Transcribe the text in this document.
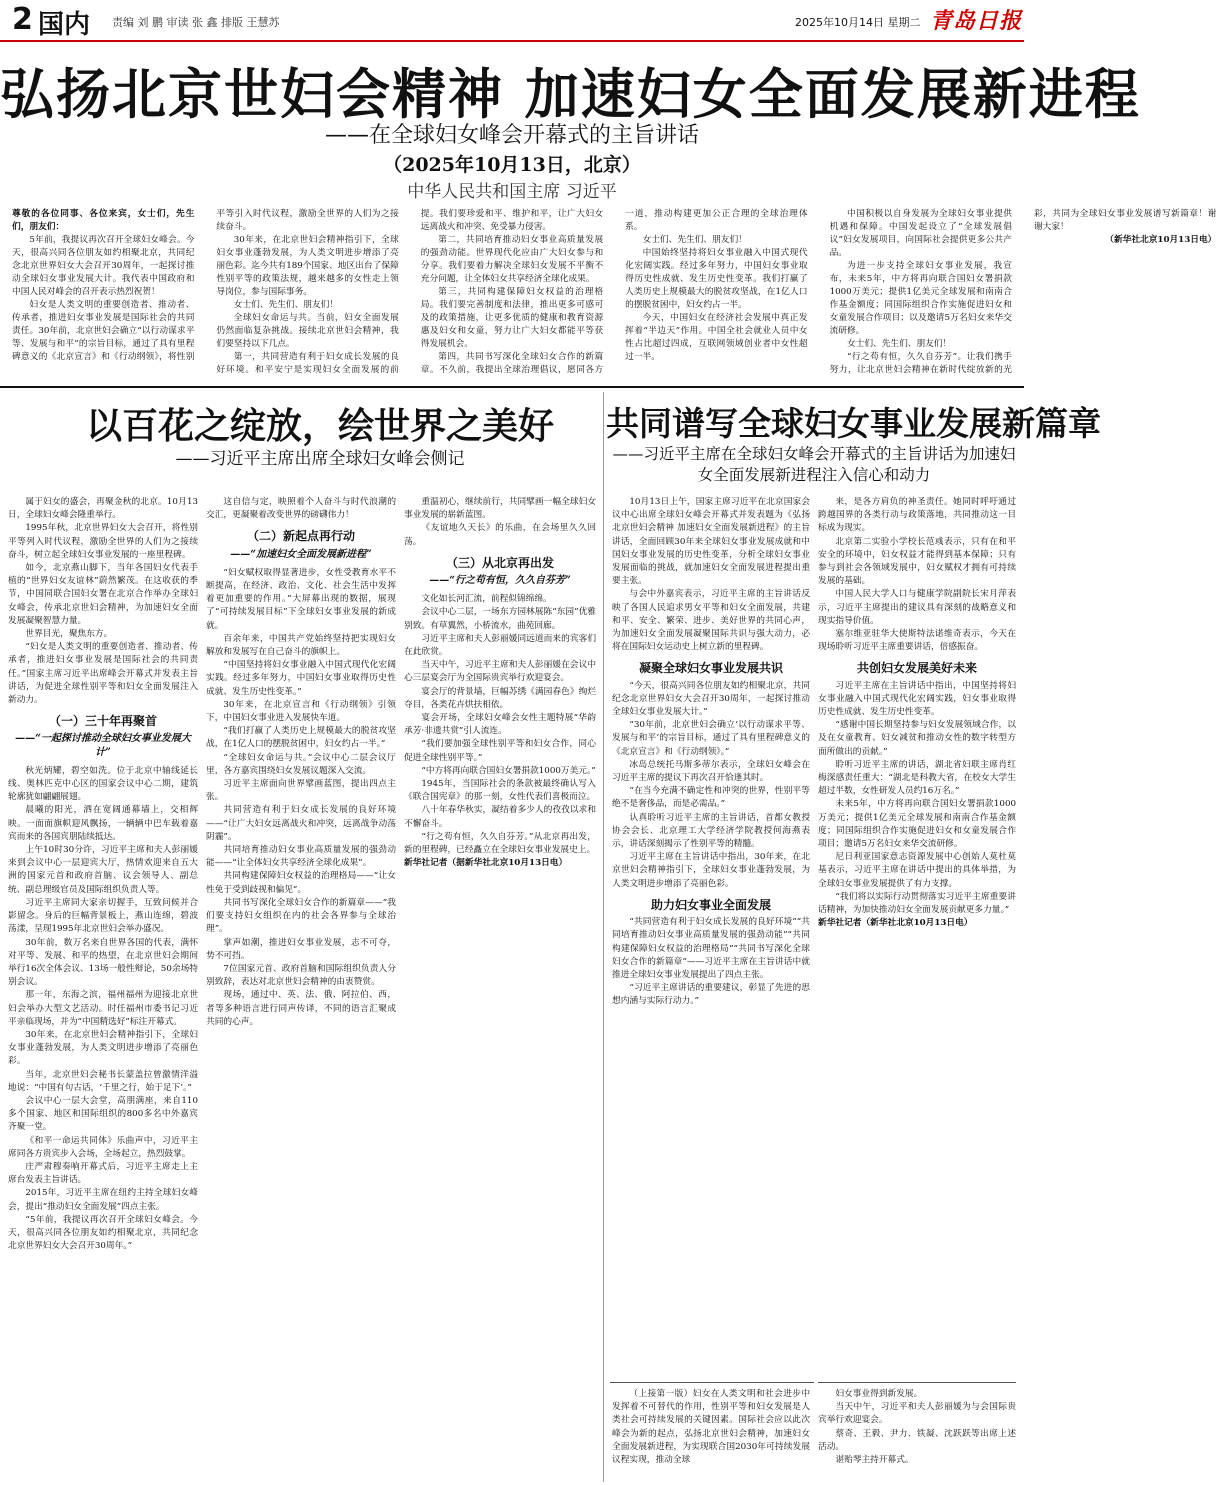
2 国内 责编 刘 鹏 审读 张 鑫 排版 王慧苏	2025年10月14日 星期二 青岛日报
弘扬北京世妇会精神 加速妇女全面发展新进程
——在全球妇女峰会开幕式的主旨讲话
（2025年10月13日，北京）
中华人民共和国主席 习近平

尊敬的各位同事、各位来宾，女士们，先生们，朋友们：

5年前，我提议再次召开全球妇女峰会。今天，很高兴同各位朋友如约相聚北京，共同纪念北京世界妇女大会召开30周年，一起探讨推动全球妇女事业发展大计。我代表中国政府和中国人民对峰会的召开表示热烈祝贺！

妇女是人类文明的重要创造者、推动者、传承者，推进妇女事业发展是国际社会的共同责任。30年前，北京世妇会确立“以行动谋求平等、发展与和平”的宗旨目标，通过了具有里程碑意义的《北京宣言》和《行动纲领》，将性别平等引入时代议程，激励全世界的人们为之接续奋斗。

30年来，在北京世妇会精神指引下，全球妇女事业蓬勃发展，为人类文明进步增添了亮丽色彩。迄今共有189个国家、地区出台了保障性别平等的政策法规，越来越多的女性走上领导岗位，参与国际事务。

女士们、先生们、朋友们！

全球妇女命运与共。当前，妇女全面发展仍然面临复杂挑战。接续北京世妇会精神，我们要坚持以下几点。

第一，共同营造有利于妇女成长发展的良好环境。和平安宁是实现妇女全面发展的前提。我们要珍爱和平、维护和平，让广大妇女远离战火和冲突、免受暴力侵害。

第二，共同培育推动妇女事业高质量发展的强劲动能。世界现代化应由广大妇女参与和分享。我们要着力解决全球妇女发展不平衡不充分问题，让全体妇女共享经济全球化成果。

第三，共同构建保障妇女权益的治理格局。我们要完善制度和法律，推出更多可感可及的政策措施，让更多优质的健康和教育资源惠及妇女和女童，努力让广大妇女都能平等获得发展机会。

第四，共同书写深化全球妇女合作的新篇章。不久前，我提出全球治理倡议，愿同各方一道，推动构建更加公正合理的全球治理体系。

女士们、先生们、朋友们！

中国始终坚持将妇女事业融入中国式现代化宏阔实践。经过多年努力，中国妇女事业取得历史性成就、发生历史性变革。我们打赢了人类历史上规模最大的脱贫攻坚战，在1亿人口的摆脱贫困中，妇女约占一半。

今天，中国妇女在经济社会发展中真正发挥着“半边天”作用。中国全社会就业人员中女性占比超过四成，互联网领域创业者中女性超过一半。

中国积极以自身发展为全球妇女事业提供机遇和保障。中国发起设立了“全球发展倡议”妇女发展项目，向国际社会提供更多公共产品。

为进一步支持全球妇女事业发展，我宣布，未来5年，中方将再向联合国妇女署捐款1000万美元；提供1亿美元全球发展和南南合作基金额度；同国际组织合作实施促进妇女和女童发展合作项目；以及邀请5万名妇女来华交流研修。

女士们、先生们、朋友们！

“行之苟有恒，久久自芬芳”。让我们携手努力，让北京世妇会精神在新时代绽放新的光彩，共同为全球妇女事业发展谱写新篇章！谢谢大家！

（新华社北京10月13日电）

以百花之绽放，绘世界之美好
——习近平主席出席全球妇女峰会侧记
共同谱写全球妇女事业发展新篇章
——习近平主席在全球妇女峰会开幕式的主旨讲话为加速妇女全面发展新进程注入信心和动力

属于妇女的盛会，再聚金秋的北京。10月13日，全球妇女峰会隆重举行。

1995年秋，北京世界妇女大会召开，将性别平等列入时代议程，激励全世界的人们为之接续奋斗，树立起全球妇女事业发展的一座里程碑。

如今，北京燕山脚下，当年各国妇女代表手植的“世界妇女友谊林”蔚然繁茂。在这收获的季节，中国同联合国妇女署在北京合作举办全球妇女峰会，传承北京世妇会精神，为加速妇女全面发展凝聚智慧力量。

世界目光，聚焦东方。

“妇女是人类文明的重要创造者、推动者、传承者，推进妇女事业发展是国际社会的共同责任。”国家主席习近平出席峰会开幕式并发表主旨讲话，为促进全球性别平等和妇女全面发展注入新动力。

（一）三十年再聚首

——“一起探讨推动全球妇女事业发展大计”

秋光炳耀，碧空如洗。位于北京中轴线延长线、奥林匹克中心区的国家会议中心二期，建筑轮廓犹如翩翩展翅。

晨曦的阳光，洒在宽阔通幕墙上，交相辉映。一面面旗帜迎风飘扬，一辆辆中巴车载着嘉宾而来的各国宾朋陆续抵达。

上午10时30分许，习近平主席和夫人彭丽媛来到会议中心一层迎宾大厅，热情欢迎来自五大洲的国家元首和政府首脑、议会领导人、副总统、副总理级官员及国际组织负责人等。

习近平主席同大家亲切握手，互致问候并合影留念。身后的巨幅背景板上，燕山连绵，碧波荡漾，呈现1995年北京世妇会举办盛况。

30年前，数万名来自世界各国的代表，满怀对平等、发展、和平的热望，在北京世妇会期间举行16次全体会议、13场一般性辩论，50余场特别会议。

那一年，东海之滨，福州福州为迎接北京世妇会举办大型文艺活动。时任福州市委书记习近平亲临现场，并为“中国精选好”标注开幕式。

30年来，在北京世妇会精神指引下，全球妇女事业蓬勃发展，为人类文明进步增添了亮丽色彩。

当年，北京世妇会秘书长蒙盖拉曾激情洋溢地说：“中国有句古话，‘千里之行，始于足下’。”

会议中心一层大会堂，高朋满座，来自110多个国家、地区和国际组织的800多名中外嘉宾齐聚一堂。

《和平一命运共同体》乐曲声中，习近平主席同各方贵宾步入会场，全场起立，热烈鼓掌。

庄严肃穆奏响开幕式后，习近平主席走上主席台发表主旨讲话。

2015年，习近平主席在纽约主持全球妇女峰会，提出“推动妇女全面发展”四点主张。

“5年前，我提议再次召开全球妇女峰会。今天，很高兴同各位朋友如约相聚北京，共同纪念北京世界妇女大会召开30周年。”

这自信与定，映照着个人奋斗与时代浪潮的交汇，更凝聚着改变世界的磅礴伟力！

（二）新起点再行动

——“加速妇女全面发展新进程”

“妇女赋权取得显著进步，女性受教育水平不断提高，在经济、政治、文化、社会生活中发挥着更加重要的作用。”大屏幕出现的数据，展现了“可持续发展目标”下全球妇女事业发展的新成就。

百余年来，中国共产党始终坚持把实现妇女解放和发展写在自己奋斗的旗帜上。

“中国坚持将妇女事业融入中国式现代化宏阔实践。经过多年努力，中国妇女事业取得历史性成就、发生历史性变革。”

30年来，在北京宣言和《行动纲领》引领下，中国妇女事业进入发展快车道。

“我们打赢了人类历史上规模最大的脱贫攻坚战，在1亿人口的摆脱贫困中，妇女约占一半。”

“全球妇女命运与共。”会议中心二层会议厅里，各方嘉宾围绕妇女发展议题深入交流。

习近平主席面向世界擘画蓝图，提出四点主张。

共同营造有利于妇女成长发展的良好环境——“让广大妇女远离战火和冲突，远离战争动荡阴霾”。

共同培育推动妇女事业高质量发展的强劲动能——“让全体妇女共享经济全球化成果”。

共同构建保障妇女权益的治理格局——“让女性免于受到歧视和偏见”。

共同书写深化全球妇女合作的新篇章——“我们要支持妇女组织在内的社会各界参与全球治理”。

掌声如潮，推进妇女事业发展，志不可夺，势不可挡。

7位国家元首、政府首脑和国际组织负责人分别致辞，表达对北京世妇会精神的由衷赞赏。

现场，通过中、英、法、俄、阿拉伯、西，者等多种语言进行同声传译，不同的语言汇聚成共同的心声。

重温初心，继续前行，共同擘画一幅全球妇女事业发展的崭新蓝图。

《友谊地久天长》的乐曲，在会场里久久回荡。

（三）从北京再出发

——“行之苟有恒，久久自芬芳”

文化如长河汇流，前程似锦绵绵。

会议中心二层，一场东方园林展陈“东园”优雅别致。有草翼然，小桥流水，曲苑回廊。

习近平主席和夫人彭丽媛同远道而来的宾客们在此欣赏。

当天中午，习近平主席和夫人彭丽媛在会议中心三层宴会厅为全国际贵宾举行欢迎宴会。

宴会厅的背景墙，巨幅苏绣《满园春色》绚烂夺目，各类花卉烘扶相依。

宴会开场，全球妇女峰会女性主题特展“华韵承芳·非遗共赏”引人流连。

“我们要加强全球性别平等和妇女合作，同心促进全球性别平等。”

“中方将再向联合国妇女署捐款1000万美元。”

1945年，当国际社会的条款被最终确认写入《联合国宪章》的那一刻，女性代表们喜极而泣。

八十年春华秋实，凝结着多少人的孜孜以求和不懈奋斗。

“行之苟有恒，久久自芬芳。”从北京再出发，新的里程碑，已经矗立在全球妇女事业发展史上。

新华社记者（据新华社北京10月13日电）

10月13日上午，国家主席习近平在北京国家会议中心出席全球妇女峰会开幕式并发表题为《弘扬北京世妇会精神 加速妇女全面发展新进程》的主旨讲话，全面回顾30年来全球妇女事业发展成就和中国妇女事业发展的历史性变革，分析全球妇女事业发展面临的挑战，就加速妇女全面发展进程提出重要主张。

与会中外嘉宾表示，习近平主席的主旨讲话反映了各国人民追求男女平等和妇女全面发展，共建和平、安全、繁荣、进步、美好世界的共同心声，为加速妇女全面发展凝聚国际共识与强大动力，必将在国际妇女运动史上树立新的里程碑。

凝聚全球妇女事业发展共识

“今天，很高兴同各位朋友如约相聚北京，共同纪念北京世界妇女大会召开30周年，一起探讨推动全球妇女事业发展大计。”

“30年前，北京世妇会确立‘以行动谋求平等、发展与和平’的宗旨目标，通过了具有里程碑意义的《北京宣言》和《行动纲领》。”

冰岛总统托马斯多蒂尔表示，全球妇女峰会在习近平主席的提议下再次召开恰逢其时。

“在当今充满不确定性和冲突的世界，性别平等绝不是奢侈品，而是必需品。”

认真聆听习近平主席的主旨讲话，首都女教授协会会长、北京理工大学经济学院教授何海燕表示，讲话深刻揭示了性别平等的精髓。

习近平主席在主旨讲话中指出，30年来，在北京世妇会精神指引下，全球妇女事业蓬勃发展，为人类文明进步增添了亮丽色彩。

助力妇女事业全面发展

“共同营造有利于妇女成长发展的良好环境”“共同培育推动妇女事业高质量发展的强劲动能”“共同构建保障妇女权益的治理格局”“共同书写深化全球妇女合作的新篇章”——习近平主席在主旨讲话中就推进全球妇女事业发展提出了四点主张。

“习近平主席讲话的重要建议，彰显了先进的思想内涵与实际行动力。”

来，是各方肩负的神圣责任。她同时呼吁通过跨越国界的各类行动与政策落地，共同推动这一目标成为现实。

北京第二实验小学校长范彧表示，只有在和平安全的环境中，妇女权益才能得到基本保障；只有参与到社会各领域发展中，妇女赋权才拥有可持续发展的基础。

中国人民大学人口与健康学院副院长宋月萍表示，习近平主席提出的建议具有深刻的战略意义和现实指导价值。

塞尔维亚驻华大使斯特法诺维奇表示，今天在现场聆听习近平主席重要讲话，倍感振奋。

共创妇女发展美好未来

习近平主席在主旨讲话中指出，中国坚持将妇女事业融入中国式现代化宏阔实践，妇女事业取得历史性成就、发生历史性变革。

“感谢中国长期坚持参与妇女发展领域合作，以及在女童教育、妇女减贫和推动女性的数字转型方面所做出的贡献。”

聆听习近平主席的讲话，湖北省妇联主席肖红梅深感责任重大：“湖北是科教大省，在校女大学生超过半数，女性研发人员约16万名。”

未来5年，中方将再向联合国妇女署捐款1000万美元；提供1亿美元全球发展和南南合作基金额度；同国际组织合作实施促进妇女和女童发展合作项目；邀请5万名妇女来华交流研修。

尼日利亚国家意志资源发展中心创始人莫杜莫基表示，习近平主席在讲话中提出的具体举措，为全球妇女事业发展提供了有力支撑。

“我们将以实际行动贯彻落实习近平主席重要讲话精神，为加快推动妇女全面发展贡献更多力量。”

新华社记者（新华社北京10月13日电）

（上接第一版）妇女在人类文明和社会进步中发挥着不可替代的作用，性别平等和妇女发展是人类社会可持续发展的关键因素。国际社会应以此次峰会为新的起点，弘扬北京世妇会精神，加速妇女全面发展新进程，为实现联合国2030年可持续发展议程实现，推动全球

妇女事业得到新发展。

当天中午，习近平和夫人彭丽媛为与会国际贵宾举行欢迎宴会。

蔡奇、王毅、尹力、铁凝、沈跃跃等出席上述活动。

谌贻琴主持开幕式。
